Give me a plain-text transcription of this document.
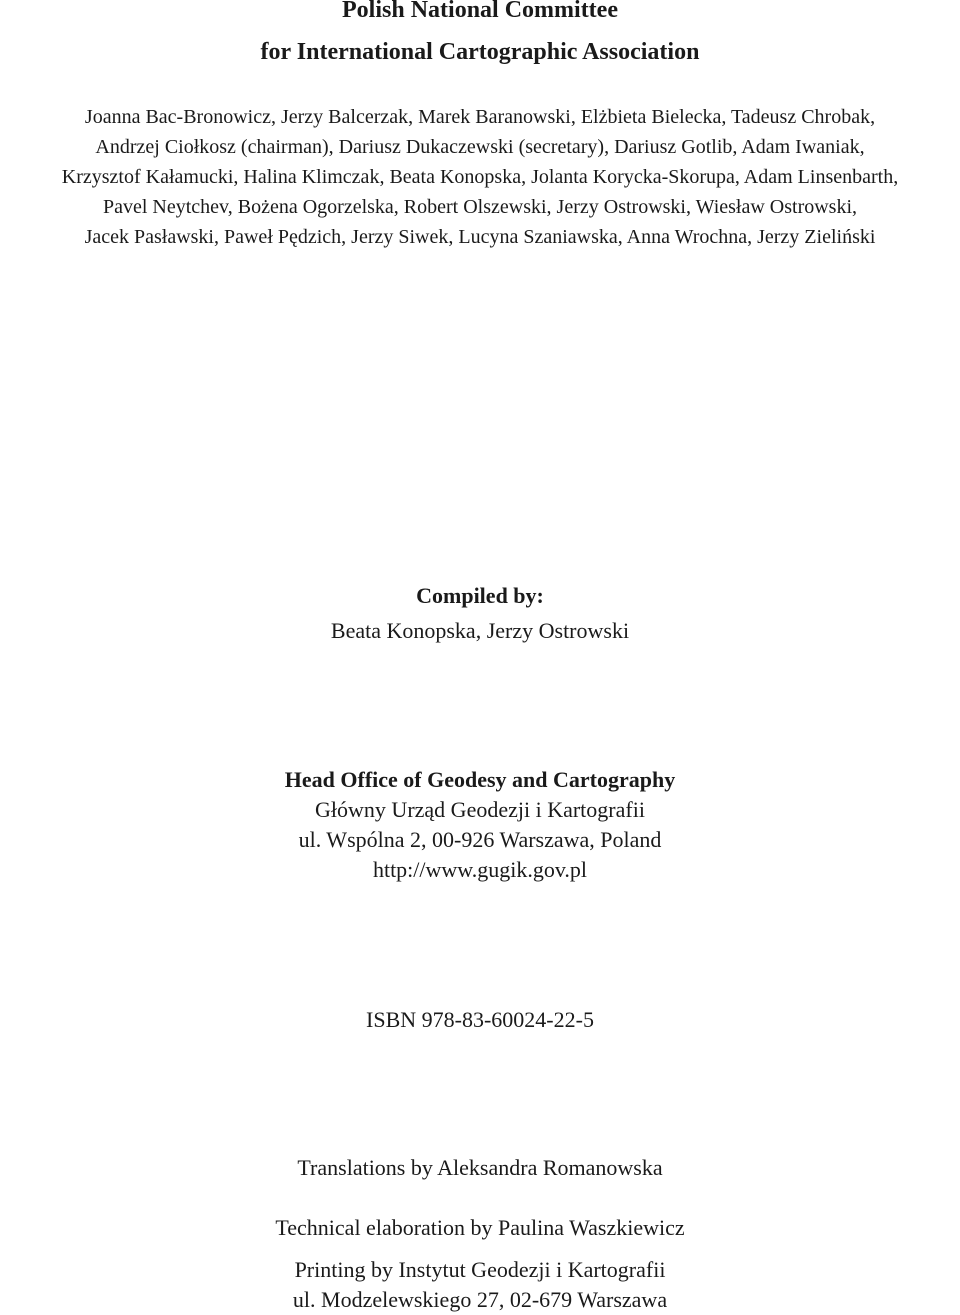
Polish National Committee
for International Cartographic Association
Joanna Bac-Bronowicz, Jerzy Balcerzak, Marek Baranowski, Elżbieta Bielecka, Tadeusz Chrobak,
Andrzej Ciołkosz (chairman), Dariusz Dukaczewski (secretary), Dariusz Gotlib, Adam Iwaniak,
Krzysztof Kałamucki, Halina Klimczak, Beata Konopska, Jolanta Korycka-Skorupa, Adam Linsenbarth,
Pavel Neytchev, Bożena Ogorzelska, Robert Olszewski, Jerzy Ostrowski, Wiesław Ostrowski,
Jacek Pasławski, Paweł Pędzich, Jerzy Siwek, Lucyna Szaniawska, Anna Wrochna, Jerzy Zieliński
Compiled by:
Beata Konopska, Jerzy Ostrowski
Head Office of Geodesy and Cartography
Główny Urząd Geodezji i Kartografii
ul. Wspólna 2, 00-926 Warszawa, Poland
http://www.gugik.gov.pl
ISBN 978-83-60024-22-5
Translations by Aleksandra Romanowska
Technical elaboration by Paulina Waszkiewicz
Printing by Instytut Geodezji i Kartografii
ul. Modzelewskiego 27, 02-679 Warszawa
